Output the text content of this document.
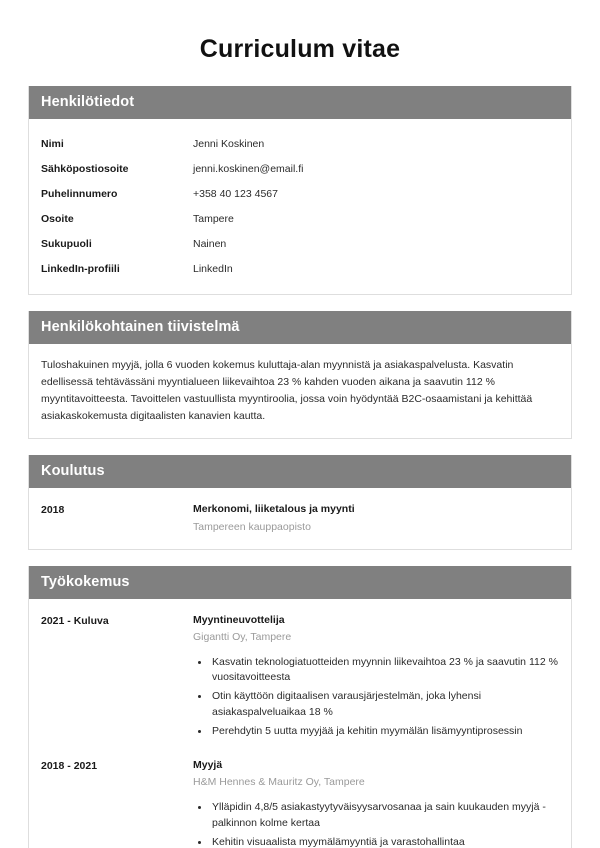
Curriculum vitae
Henkilötiedot
Nimi	Jenni Koskinen
Sähköpostiosoite	jenni.koskinen@email.fi
Puhelinnumero	+358 40 123 4567
Osoite	Tampere
Sukupuoli	Nainen
LinkedIn-profiili	LinkedIn
Henkilökohtainen tiivistelmä

Tuloshakuinen myyjä, jolla 6 vuoden kokemus kuluttaja-alan myynnistä ja asiakaspalvelusta. Kasvatin edellisessä tehtävässäni myyntialueen liikevaihtoa 23 % kahden vuoden aikana ja saavutin 112 % myyntitavoitteesta. Tavoittelen vastuullista myyntiroolia, jossa voin hyödyntää B2C-osaamistani ja kehittää asiakaskokemusta digitaalisten kanavien kautta.

Koulutus
2018	Merkonomi, liiketalous ja myynti
Tampereen kauppaopisto
Työkokemus
2021 - Kuluva	Myyntineuvottelija
Gigantti Oy, Tampere
• Kasvatin teknologiatuotteiden myynnin liikevaihtoa 23 % ja saavutin 112 % vuositavoitteesta
• Otin käyttöön digitaalisen varausjärjestelmän, joka lyhensi asiakaspalveluaikaa 18 %
• Perehdytin 5 uutta myyjää ja kehitin myymälän lisämyyntiprosessin
2018 - 2021	Myyjä
H&M Hennes & Mauritz Oy, Tampere
• Ylläpidin 4,8/5 asiakastyytyväisyysarvosanaa ja sain kuukauden myyjä - palkinnon kolme kertaa
• Kehitin visuaalista myymälämyyntiä ja varastohallintaa
